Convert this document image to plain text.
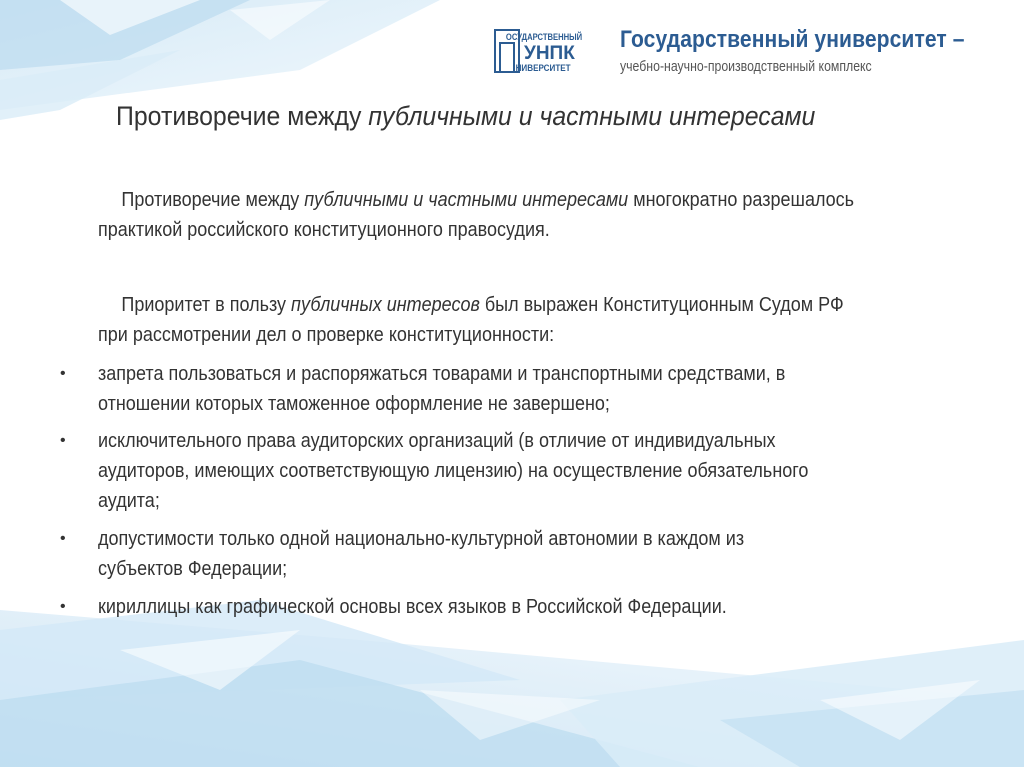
ОСУДАРСТВЕННЫЙ
УНПК
НИВЕРСИТЕТ
Государственный университет –
учебно-научно-производственный комплекс
Противоречие между публичными и частными интересами
Противоречие между публичными и частными интересами многократно разрешалось
практикой российского конституционного правосудия.
Приоритет в пользу публичных интересов был выражен Конституционным Судом РФ
при рассмотрении дел о проверке конституционности:
• запрета пользоваться и распоряжаться товарами и транспортными средствами, в
отношении которых таможенное оформление не завершено;
• исключительного права аудиторских организаций (в отличие от индивидуальных
аудиторов, имеющих соответствующую лицензию) на осуществление обязательного
аудита;
• допустимости только одной национально-культурной автономии в каждом из
субъектов Федерации;
• кириллицы как графической основы всех языков в Российской Федерации.
